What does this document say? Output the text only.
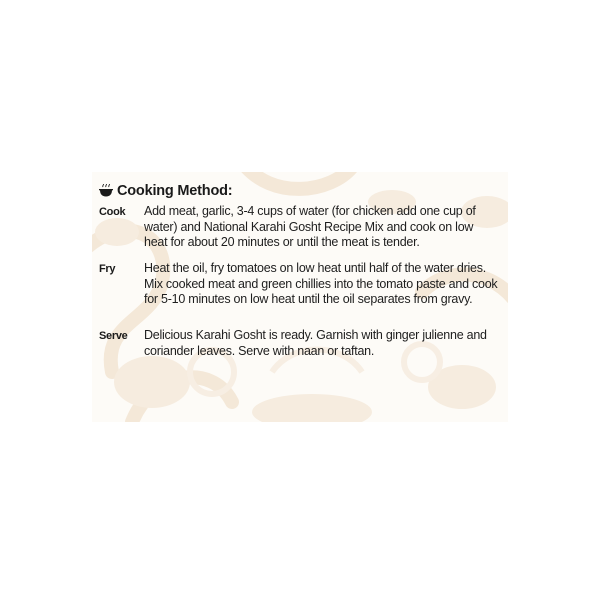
Cooking Method:
Cook	Add meat, garlic, 3-4 cups of water (for chicken add one cup of water) and National Karahi Gosht Recipe Mix and cook on low heat for about 20 minutes or until the meat is tender.
Fry	Heat the oil, fry tomatoes on low heat until half of the water dries. Mix cooked meat and green chillies into the tomato paste and cook for 5-10 minutes on low heat until the oil separates from gravy.
Serve	Delicious Karahi Gosht is ready. Garnish with ginger julienne and coriander leaves. Serve with naan or taftan.
